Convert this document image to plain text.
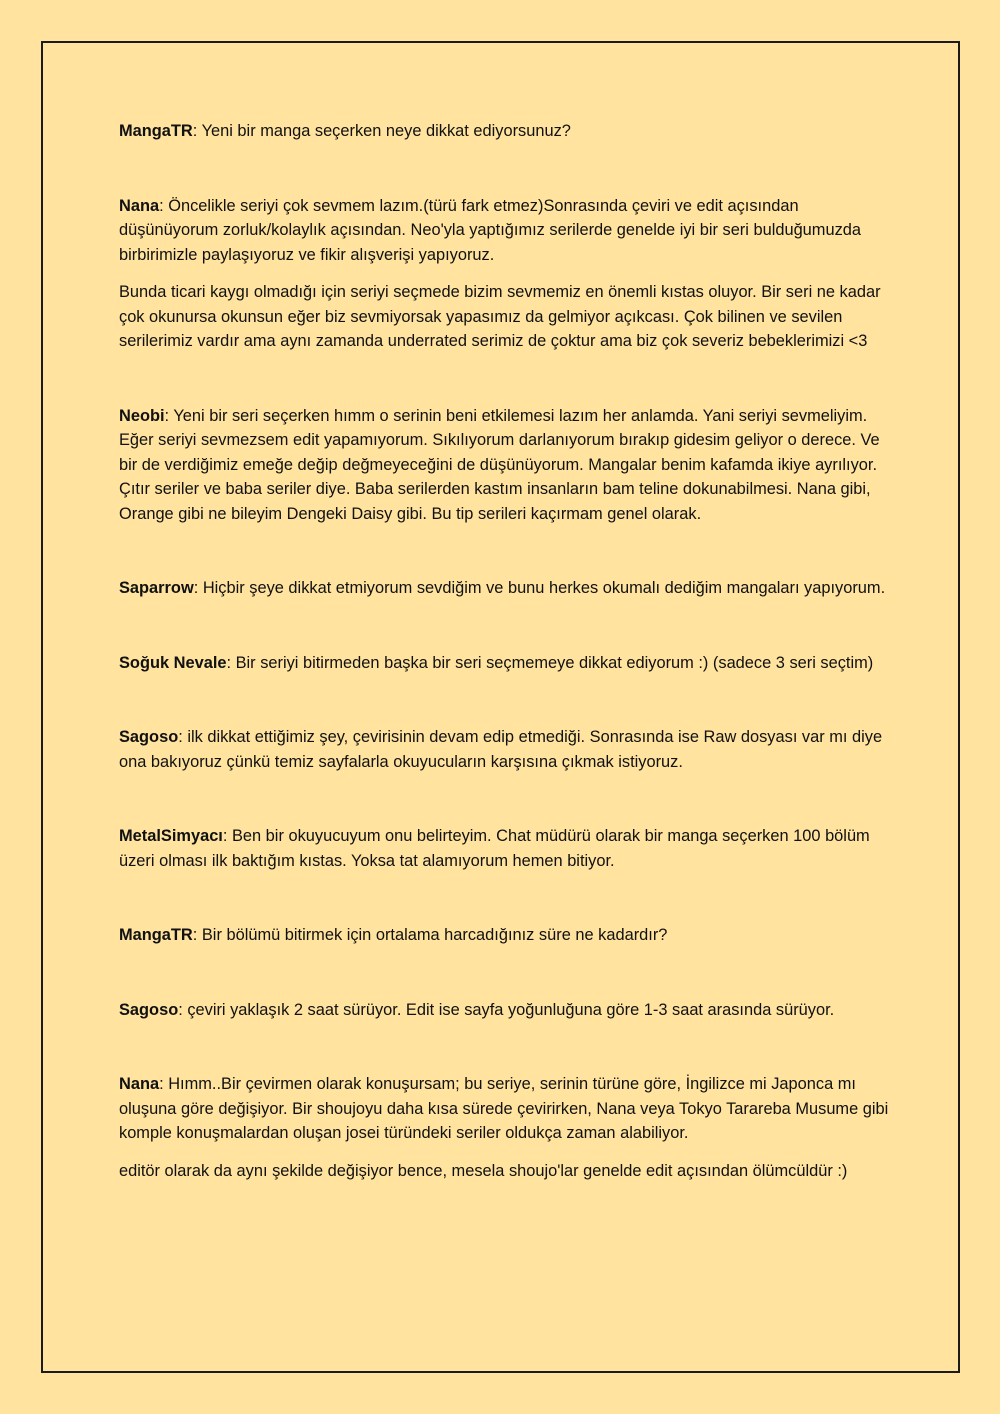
MangaTR: Yeni bir manga seçerken neye dikkat ediyorsunuz?

Nana: Öncelikle seriyi çok sevmem lazım.(türü fark etmez)Sonrasında çeviri ve edit açısından düşünüyorum zorluk/kolaylık açısından. Neo'yla yaptığımız serilerde genelde iyi bir seri bulduğumuzda birbirimizle paylaşıyoruz ve fikir alışverişi yapıyoruz.

Bunda ticari kaygı olmadığı için seriyi seçmede bizim sevmemiz en önemli kıstas oluyor. Bir seri ne kadar çok okunursa okunsun eğer biz sevmiyorsak yapasımız da gelmiyor açıkcası. Çok bilinen ve sevilen serilerimiz vardır ama aynı zamanda underrated serimiz de çoktur ama biz çok severiz bebeklerimizi <3

Neobi: Yeni bir seri seçerken hımm o serinin beni etkilemesi lazım her anlamda. Yani seriyi sevmeliyim. Eğer seriyi sevmezsem edit yapamıyorum. Sıkılıyorum darlanıyorum bırakıp gidesim geliyor o derece. Ve bir de verdiğimiz emeğe değip değmeyeceğini de düşünüyorum. Mangalar benim kafamda ikiye ayrılıyor. Çıtır seriler ve baba seriler diye. Baba serilerden kastım insanların bam teline dokunabilmesi. Nana gibi, Orange gibi ne bileyim Dengeki Daisy gibi. Bu tip serileri kaçırmam genel olarak.

Saparrow: Hiçbir şeye dikkat etmiyorum sevdiğim ve bunu herkes okumalı dediğim mangaları yapıyorum.

Soğuk Nevale: Bir seriyi bitirmeden başka bir seri seçmemeye dikkat ediyorum :) (sadece 3 seri seçtim)

Sagoso: ilk dikkat ettiğimiz şey, çevirisinin devam edip etmediği. Sonrasında ise Raw dosyası var mı diye ona bakıyoruz çünkü temiz sayfalarla okuyucuların karşısına çıkmak istiyoruz.

MetalSimyacı: Ben bir okuyucuyum onu belirteyim. Chat müdürü olarak bir manga seçerken 100 bölüm üzeri olması ilk baktığım kıstas. Yoksa tat alamıyorum hemen bitiyor.

MangaTR: Bir bölümü bitirmek için ortalama harcadığınız süre ne kadardır?

Sagoso: çeviri yaklaşık 2 saat sürüyor. Edit ise sayfa yoğunluğuna göre 1-3 saat arasında sürüyor.

Nana: Hımm..Bir çevirmen olarak konuşursam; bu seriye, serinin türüne göre, İngilizce mi Japonca mı oluşuna göre değişiyor. Bir shoujoyu daha kısa sürede çevirirken, Nana veya Tokyo Tarareba Musume gibi komple konuşmalardan oluşan josei türündeki seriler oldukça zaman alabiliyor.

editör olarak da aynı şekilde değişiyor bence, mesela shoujo'lar genelde edit açısından ölümcüldür :)
